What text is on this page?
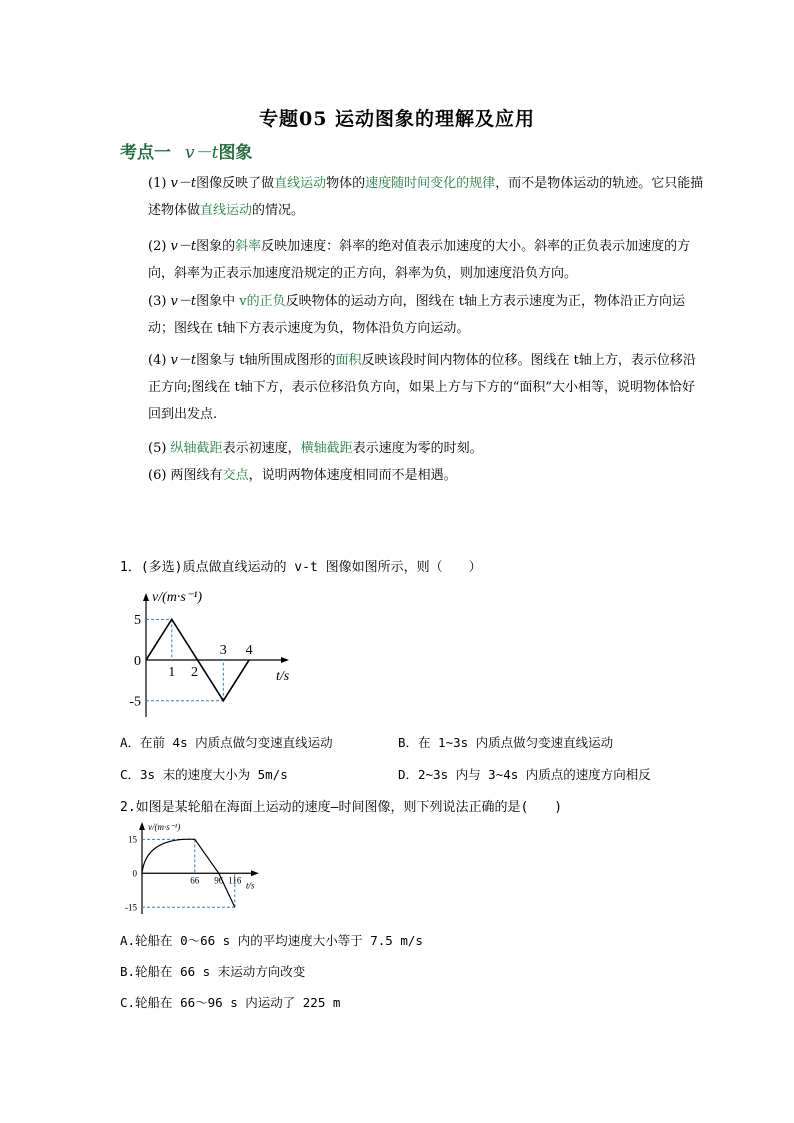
专题05 运动图象的理解及应用
考点一 v－t图象
(1) v－t图像反映了做直线运动物体的速度随时间变化的规律，而不是物体运动的轨迹。它只能描述物体做直线运动的情况。
(2) v－t图象的斜率反映加速度：斜率的绝对值表示加速度的大小。斜率的正负表示加速度的方向，斜率为正表示加速度沿规定的正方向，斜率为负，则加速度沿负方向。
(3) v－t图象中 v的正负反映物体的运动方向，图线在 t轴上方表示速度为正，物体沿正方向运动；图线在 t轴下方表示速度为负，物体沿负方向运动。
(4) v－t图象与 t轴所围成图形的面积反映该段时间内物体的位移。图线在 t轴上方，表示位移沿正方向;图线在 t轴下方，表示位移沿负方向，如果上方与下方的“面积”大小相等，说明物体恰好回到出发点.
(5) 纵轴截距表示初速度，横轴截距表示速度为零的时刻。
(6) 两图线有交点，说明两物体速度相同而不是相遇。
1．(多选)质点做直线运动的 v-t 图像如图所示，则（　　）
v/(m·s⁻¹)
t/s
5
0
-5
1 2
3 4
A．在前 4s 内质点做匀变速直线运动	B．在 1~3s 内质点做匀变速直线运动
C．3s 末的速度大小为 5m/s	D．2~3s 内与 3~4s 内质点的速度方向相反
2.如图是某轮船在海面上运动的速度—时间图像，则下列说法正确的是(　　)
v/(m·s⁻¹)
t/s
15
0
-15
66 96 116
A.轮船在 0～66 s 内的平均速度大小等于 7.5 m/s
B.轮船在 66 s 末运动方向改变
C.轮船在 66～96 s 内运动了 225 m
